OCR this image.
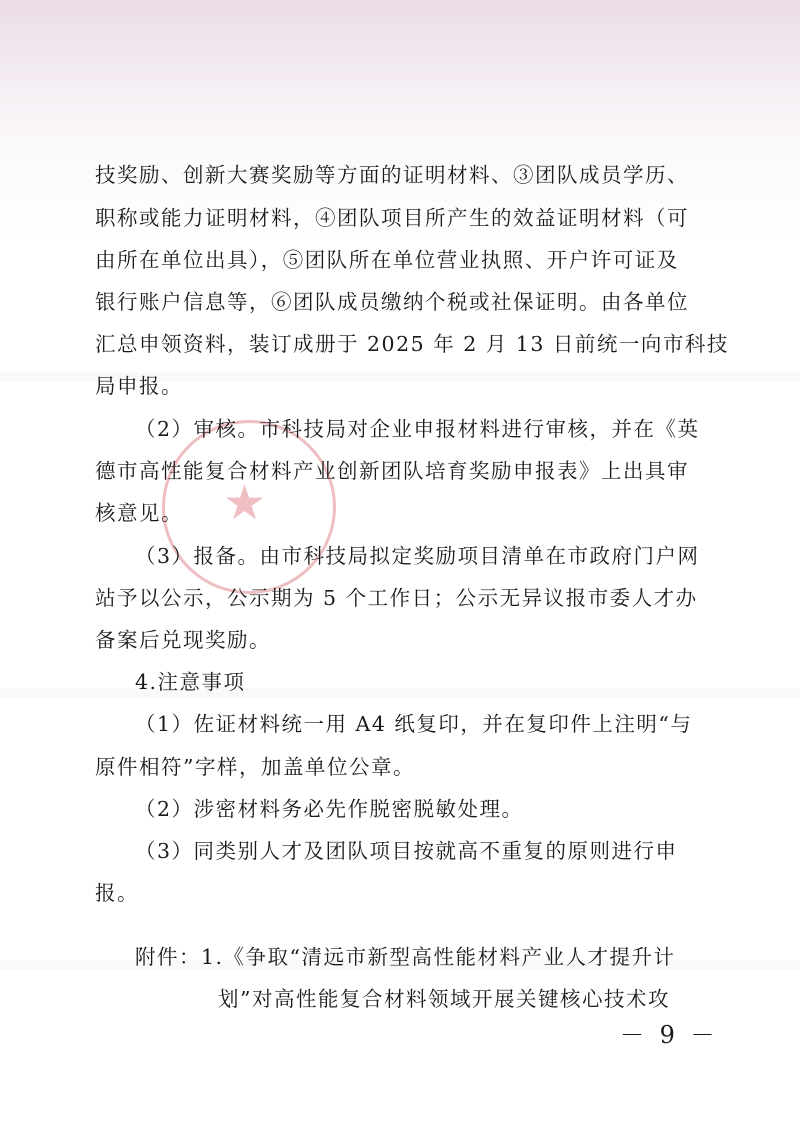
★
技奖励、创新大赛奖励等方面的证明材料、③团队成员学历、
职称或能力证明材料，④团队项目所产生的效益证明材料（可
由所在单位出具），⑤团队所在单位营业执照、开户许可证及
银行账户信息等，⑥团队成员缴纳个税或社保证明。由各单位
汇总申领资料，装订成册于 2025 年 2 月 13 日前统一向市科技
局申报。
（2）审核。市科技局对企业申报材料进行审核，并在《英
德市高性能复合材料产业创新团队培育奖励申报表》上出具审
核意见。
（3）报备。由市科技局拟定奖励项目清单在市政府门户网
站予以公示，公示期为 5 个工作日；公示无异议报市委人才办
备案后兑现奖励。
4.注意事项
（1）佐证材料统一用 A4 纸复印，并在复印件上注明“与
原件相符”字样，加盖单位公章。
（2）涉密材料务必先作脱密脱敏处理。
（3）同类别人才及团队项目按就高不重复的原则进行申
报。
附件：1.《争取“清远市新型高性能材料产业人才提升计
划”对高性能复合材料领域开展关键核心技术攻
－ 9 －
